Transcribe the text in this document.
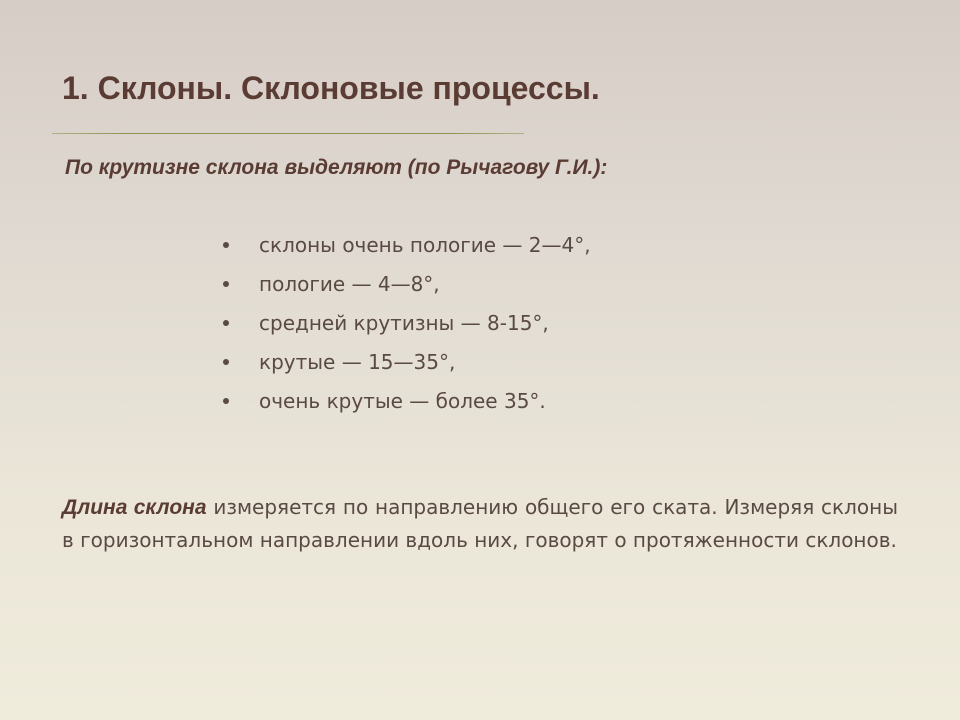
1. Склоны. Склоновые процессы.

По крутизне склона выделяют (по Рычагову Г.И.):

склоны очень пологие — 2—4°,
пологие — 4—8°,
средней крутизны — 8-15°,
крутые — 15—35°,
очень крутые — более 35°.

Длина склона измеряется по направлению общего его ската. Измеряя склоны в горизонтальном направлении вдоль них, говорят о протяженности склонов.
